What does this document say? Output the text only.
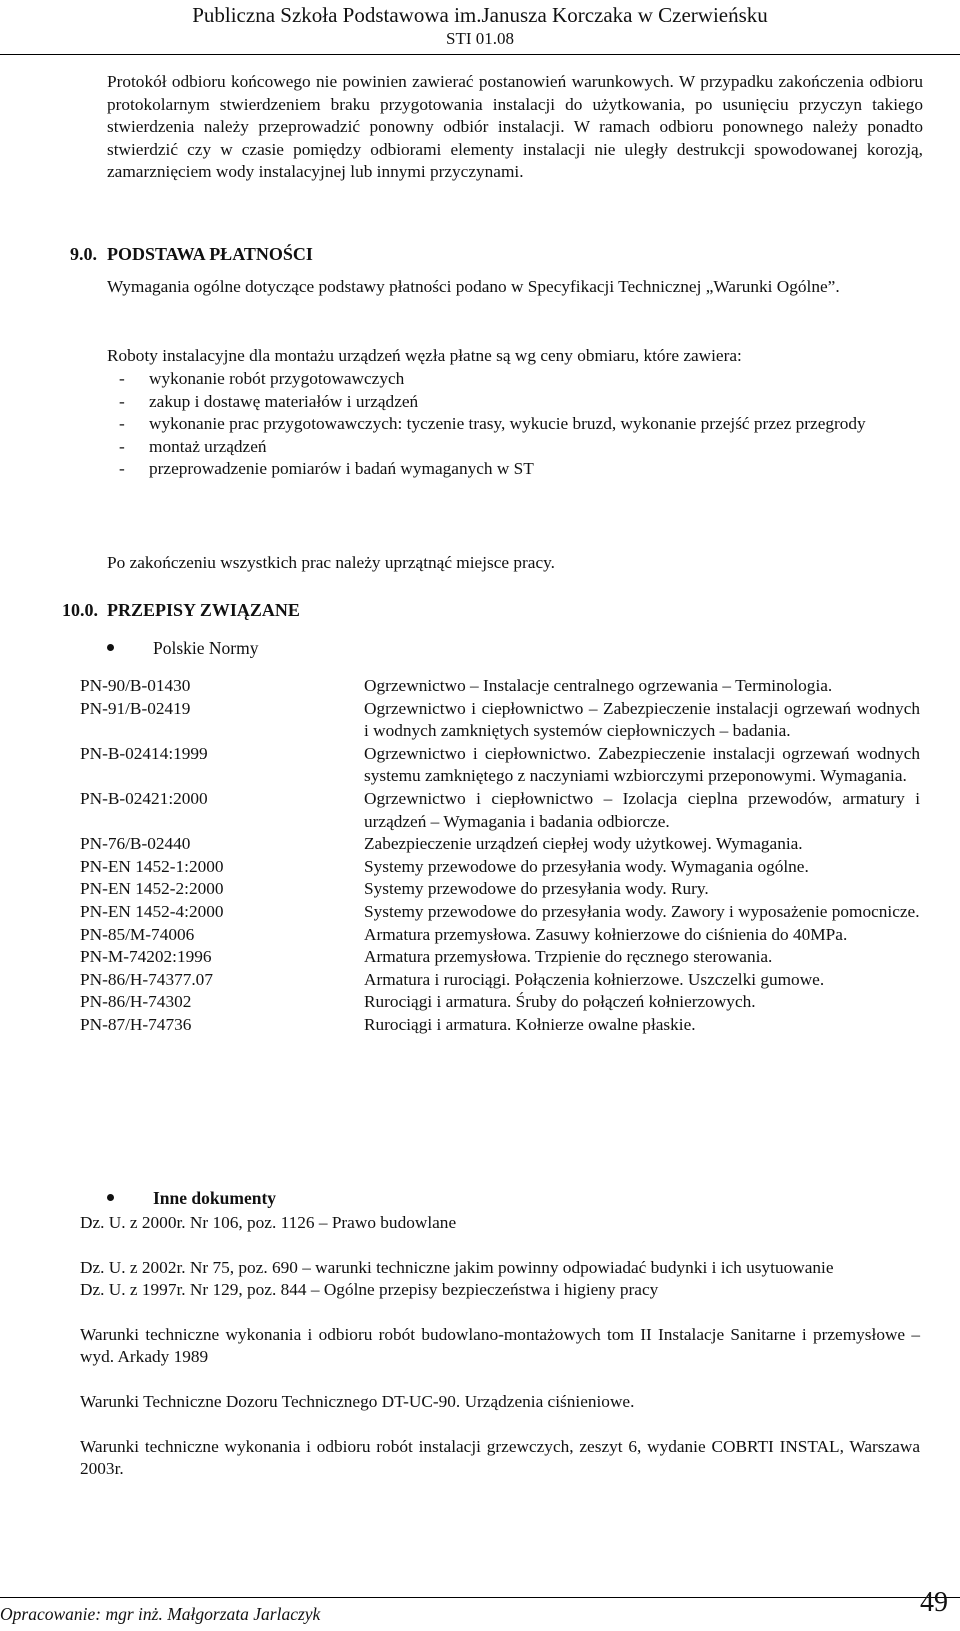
Publiczna Szkoła Podstawowa im.Janusza Korczaka w Czerwieńsku
STI 01.08
Protokół odbioru końcowego nie powinien zawierać postanowień warunkowych. W przypadku zakończenia odbioru protokolarnym stwierdzeniem braku przygotowania instalacji do użytkowania, po usunięciu przyczyn takiego stwierdzenia należy przeprowadzić ponowny odbiór instalacji. W ramach odbioru ponownego należy ponadto stwierdzić czy w czasie pomiędzy odbiorami elementy instalacji nie uległy destrukcji spowodowanej korozją, zamarznięciem wody instalacyjnej lub innymi przyczynami.
9.0. PODSTAWA PŁATNOŚCI
Wymagania ogólne dotyczące podstawy płatności podano w Specyfikacji Technicznej „Warunki Ogólne”.
Roboty instalacyjne dla montażu urządzeń węzła płatne są wg ceny obmiaru, które zawiera:
- wykonanie robót przygotowawczych
- zakup i dostawę materiałów i urządzeń
- wykonanie prac przygotowawczych: tyczenie trasy, wykucie bruzd, wykonanie przejść przez przegrody
- montaż urządzeń
- przeprowadzenie pomiarów i badań wymaganych w ST
Po zakończeniu wszystkich prac należy uprzątnąć miejsce pracy.
10.0. PRZEPISY ZWIĄZANE
Polskie Normy
PN-90/B-01430	Ogrzewnictwo – Instalacje centralnego ogrzewania – Terminologia.
PN-91/B-02419	Ogrzewnictwo i ciepłownictwo – Zabezpieczenie instalacji ogrzewań wodnych i wodnych zamkniętych systemów ciepłowniczych – badania.
PN-B-02414:1999	Ogrzewnictwo i ciepłownictwo. Zabezpieczenie instalacji ogrzewań wodnych systemu zamkniętego z naczyniami wzbiorczymi przeponowymi. Wymagania.
PN-B-02421:2000	Ogrzewnictwo i ciepłownictwo – Izolacja cieplna przewodów, armatury i urządzeń – Wymagania i badania odbiorcze.
PN-76/B-02440	Zabezpieczenie urządzeń ciepłej wody użytkowej. Wymagania.
PN-EN 1452-1:2000	Systemy przewodowe do przesyłania wody. Wymagania ogólne.
PN-EN 1452-2:2000	Systemy przewodowe do przesyłania wody. Rury.
PN-EN 1452-4:2000	Systemy przewodowe do przesyłania wody. Zawory i wyposażenie pomocnicze.
PN-85/M-74006	Armatura przemysłowa. Zasuwy kołnierzowe do ciśnienia do 40MPa.
PN-M-74202:1996	Armatura przemysłowa. Trzpienie do ręcznego sterowania.
PN-86/H-74377.07	Armatura i rurociągi. Połączenia kołnierzowe. Uszczelki gumowe.
PN-86/H-74302	Rurociągi i armatura. Śruby do połączeń kołnierzowych.
PN-87/H-74736	Rurociągi i armatura. Kołnierze owalne płaskie.
Inne dokumenty
Dz. U. z 2000r. Nr 106, poz. 1126 – Prawo budowlane
Dz. U. z 2002r. Nr 75, poz. 690 – warunki techniczne jakim powinny odpowiadać budynki i ich usytuowanie
Dz. U. z 1997r. Nr 129, poz. 844 – Ogólne przepisy bezpieczeństwa i higieny pracy
Warunki techniczne wykonania i odbioru robót budowlano-montażowych tom II Instalacje Sanitarne i przemysłowe – wyd. Arkady 1989
Warunki Techniczne Dozoru Technicznego DT-UC-90. Urządzenia ciśnieniowe.
Warunki techniczne wykonania i odbioru robót instalacji grzewczych, zeszyt 6, wydanie COBRTI INSTAL, Warszawa 2003r.
Opracowanie: mgr inż. Małgorzata Jarlaczyk	49
